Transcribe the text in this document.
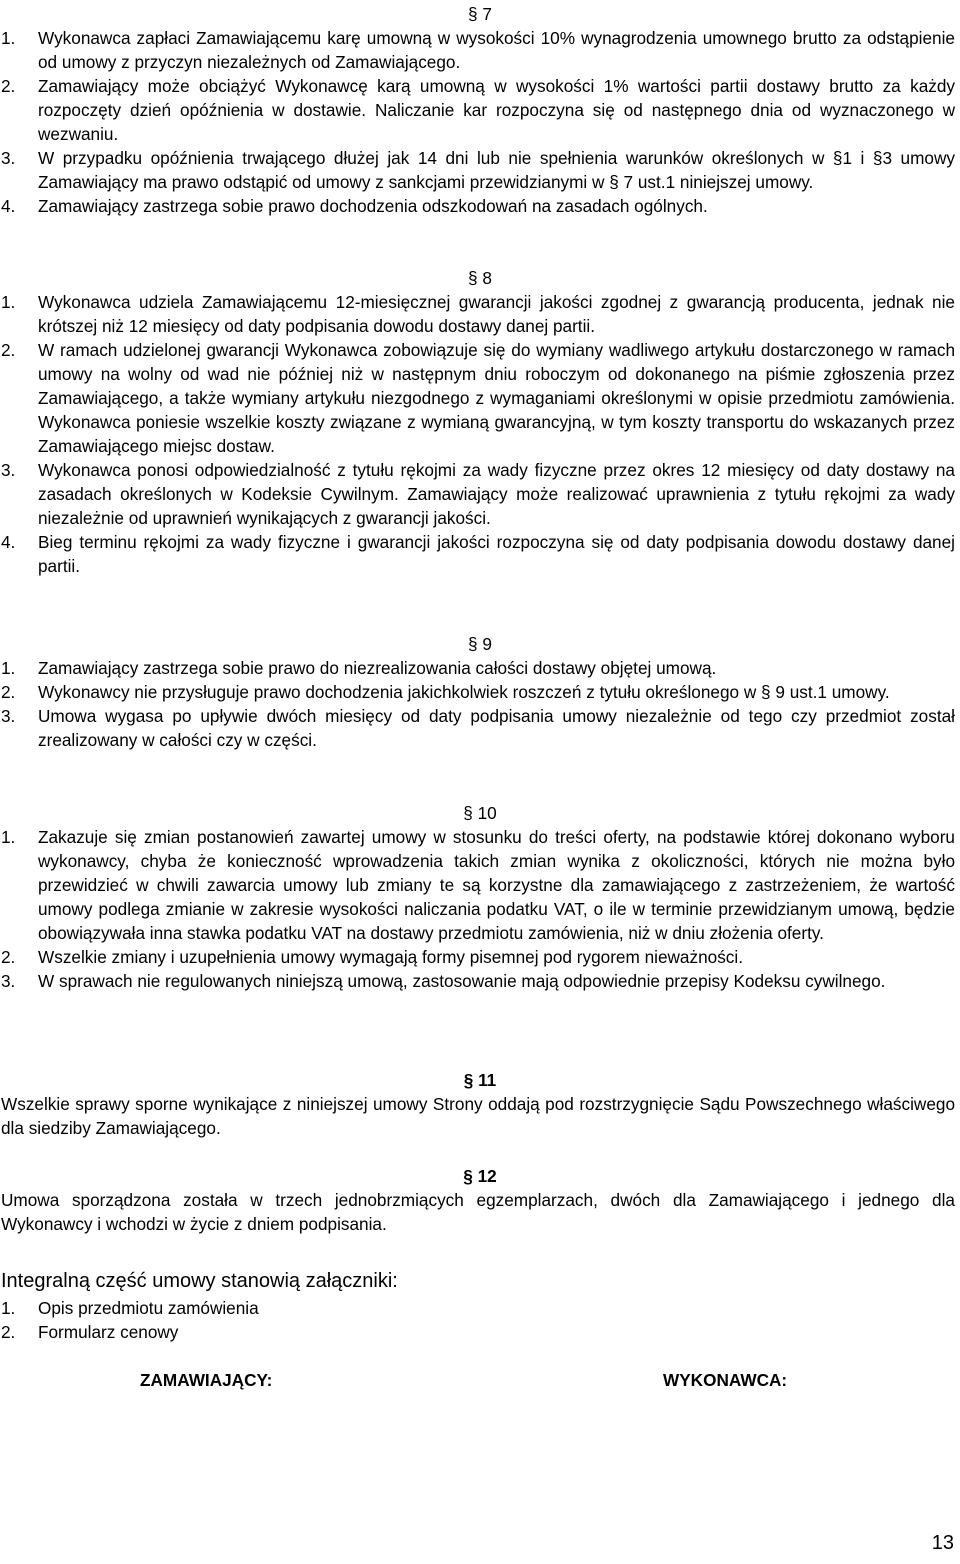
§ 7
1. Wykonawca zapłaci Zamawiającemu karę umowną w wysokości 10% wynagrodzenia umownego brutto za odstąpienie od umowy z przyczyn niezależnych od Zamawiającego.
2. Zamawiający może obciążyć Wykonawcę karą umowną w wysokości 1% wartości partii dostawy brutto za każdy rozpoczęty dzień opóźnienia w dostawie. Naliczanie kar rozpoczyna się od następnego dnia od wyznaczonego w wezwaniu.
3. W przypadku opóźnienia trwającego dłużej jak 14 dni lub nie spełnienia warunków określonych w §1 i §3 umowy Zamawiający ma prawo odstąpić od umowy z sankcjami przewidzianymi w § 7 ust.1 niniejszej umowy.
4. Zamawiający zastrzega sobie prawo dochodzenia odszkodowań na zasadach ogólnych.
§ 8
1. Wykonawca udziela Zamawiającemu 12-miesięcznej gwarancji jakości zgodnej z gwarancją producenta, jednak nie krótszej niż 12 miesięcy od daty podpisania dowodu dostawy danej partii.
2. W ramach udzielonej gwarancji Wykonawca zobowiązuje się do wymiany wadliwego artykułu dostarczonego w ramach umowy na wolny od wad nie później niż w następnym dniu roboczym od dokonanego na piśmie zgłoszenia przez Zamawiającego, a także wymiany artykułu niezgodnego z wymaganiami określonymi w opisie przedmiotu zamówienia. Wykonawca poniesie wszelkie koszty związane z wymianą gwarancyjną, w tym koszty transportu do wskazanych przez Zamawiającego miejsc dostaw.
3. Wykonawca ponosi odpowiedzialność z tytułu rękojmi za wady fizyczne przez okres 12 miesięcy od daty dostawy na zasadach określonych w Kodeksie Cywilnym. Zamawiający może realizować uprawnienia z tytułu rękojmi za wady niezależnie od uprawnień wynikających z gwarancji jakości.
4. Bieg terminu rękojmi za wady fizyczne i gwarancji jakości rozpoczyna się od daty podpisania dowodu dostawy danej partii.
§ 9
1. Zamawiający zastrzega sobie prawo do niezrealizowania całości dostawy objętej umową.
2. Wykonawcy nie przysługuje prawo dochodzenia jakichkolwiek roszczeń z tytułu określonego w § 9 ust.1 umowy.
3. Umowa wygasa po upływie dwóch miesięcy od daty podpisania umowy niezależnie od tego czy przedmiot został zrealizowany w całości czy w części.
§ 10
1. Zakazuje się zmian postanowień zawartej umowy w stosunku do treści oferty, na podstawie której dokonano wyboru wykonawcy, chyba że konieczność wprowadzenia takich zmian wynika z okoliczności, których nie można było przewidzieć w chwili zawarcia umowy lub zmiany te są korzystne dla zamawiającego z zastrzeżeniem, że wartość umowy podlega zmianie w zakresie wysokości naliczania podatku VAT, o ile w terminie przewidzianym umową, będzie obowiązywała inna stawka podatku VAT na dostawy przedmiotu zamówienia, niż w dniu złożenia oferty.
2. Wszelkie zmiany i uzupełnienia umowy wymagają formy pisemnej pod rygorem nieważności.
3. W sprawach nie regulowanych niniejszą umową, zastosowanie mają odpowiednie przepisy Kodeksu cywilnego.
§ 11
Wszelkie sprawy sporne wynikające z niniejszej umowy Strony oddają pod rozstrzygnięcie Sądu Powszechnego właściwego dla siedziby Zamawiającego.
§ 12
Umowa sporządzona została w trzech jednobrzmiących egzemplarzach, dwóch dla Zamawiającego i jednego dla Wykonawcy i wchodzi w życie z dniem podpisania.
Integralną część umowy stanowią załączniki:
1. Opis przedmiotu zamówienia
2. Formularz cenowy
ZAMAWIAJĄCY:	WYKONAWCA:
13
